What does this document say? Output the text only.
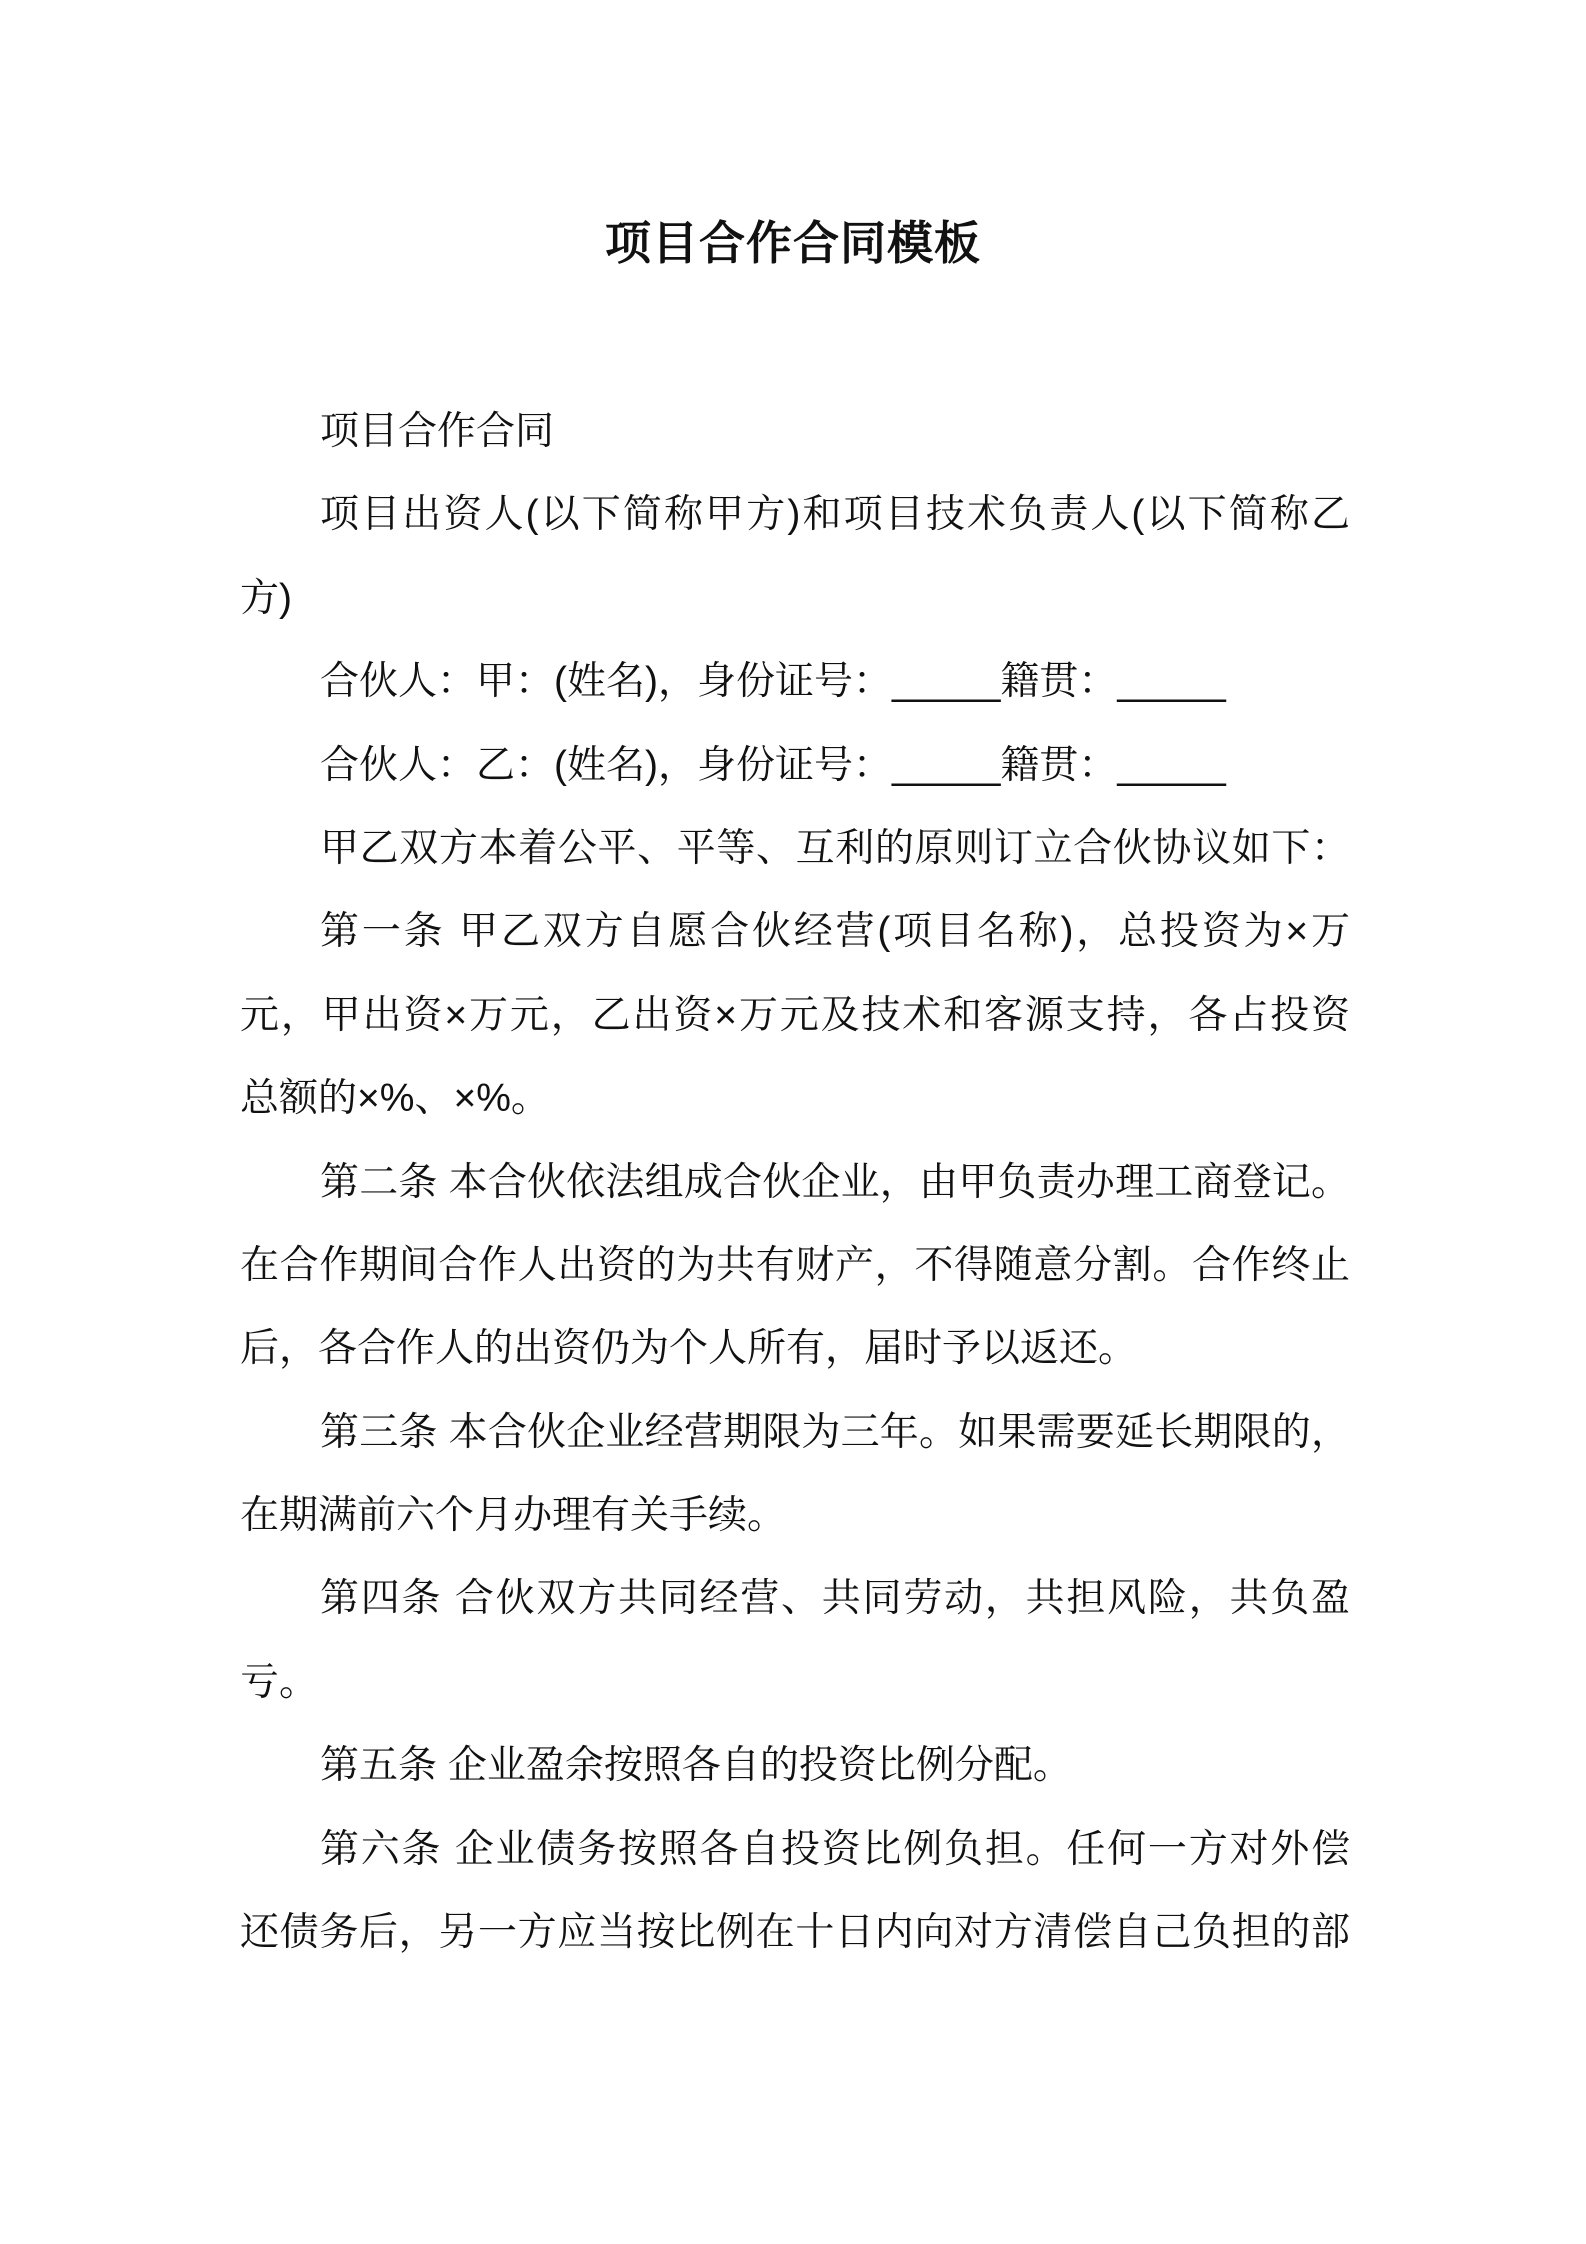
项目合作合同模板
项目合作合同
项目出资人(以下简称甲方)和项目技术负责人(以下简称乙
方)
合伙人：甲：(姓名)，身份证号：_____籍贯：_____
合伙人：乙：(姓名)，身份证号：_____籍贯：_____
甲乙双方本着公平、平等、互利的原则订立合伙协议如下：
第一条 甲乙双方自愿合伙经营(项目名称)，总投资为×万
元，甲出资×万元，乙出资×万元及技术和客源支持，各占投资
总额的×%、×%。
第二条 本合伙依法组成合伙企业，由甲负责办理工商登记。
在合作期间合作人出资的为共有财产，不得随意分割。合作终止
后，各合作人的出资仍为个人所有，届时予以返还。
第三条 本合伙企业经营期限为三年。如果需要延长期限的，
在期满前六个月办理有关手续。
第四条 合伙双方共同经营、共同劳动，共担风险，共负盈
亏。
第五条 企业盈余按照各自的投资比例分配。
第六条 企业债务按照各自投资比例负担。任何一方对外偿
还债务后，另一方应当按比例在十日内向对方清偿自己负担的部
